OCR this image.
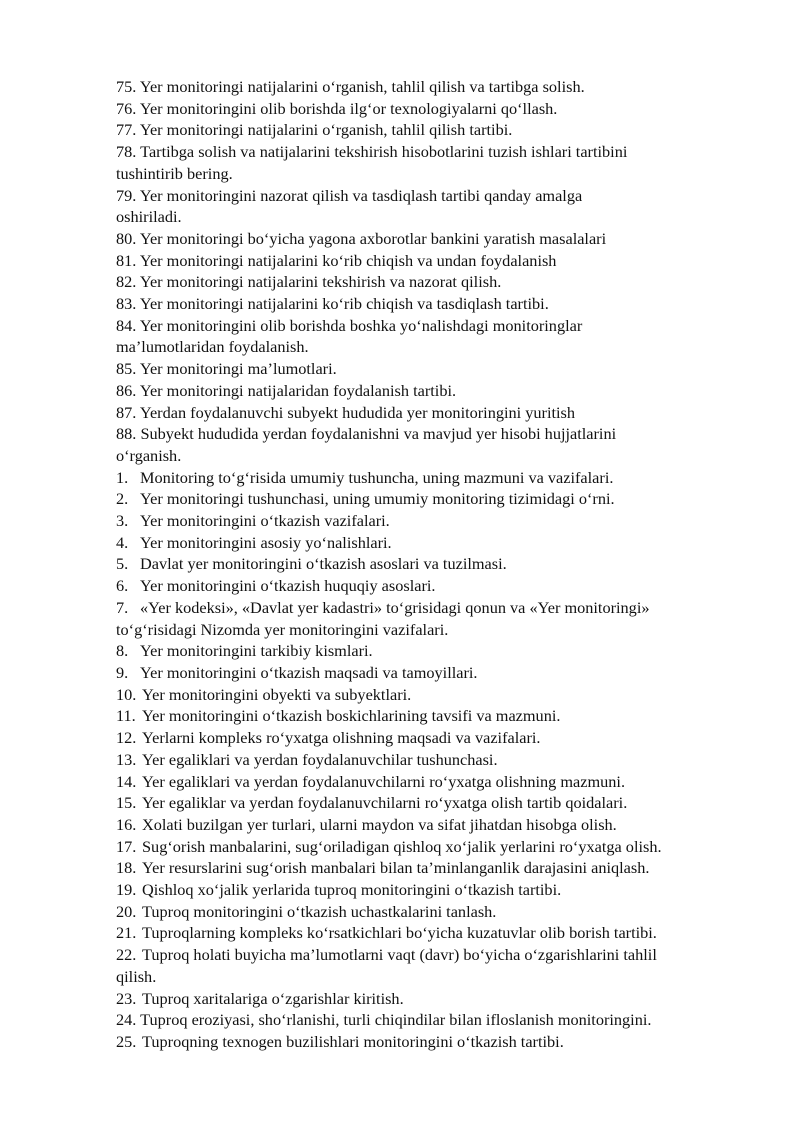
75. Yer monitoringi natijalarini o‘rganish, tahlil qilish va tartibga solish.
76. Yer monitoringini olib borishda ilg‘or texnologiyalarni qo‘llash.
77. Yer monitoringi natijalarini o‘rganish, tahlil qilish tartibi.
78. Tartibga solish va natijalarini tekshirish hisobotlarini tuzish ishlari tartibini
tushintirib bering.
79. Yer monitoringini nazorat qilish va tasdiqlash tartibi qanday amalga
oshiriladi.
80. Yer monitoringi bo‘yicha yagona axborotlar bankini yaratish masalalari
81. Yer monitoringi natijalarini ko‘rib chiqish va undan foydalanish
82. Yer monitoringi natijalarini tekshirish va nazorat qilish.
83. Yer monitoringi natijalarini ko‘rib chiqish va tasdiqlash tartibi.
84. Yer monitoringini olib borishda boshka yo‘nalishdagi monitoringlar
ma’lumotlaridan foydalanish.
85. Yer monitoringi ma’lumotlari.
86. Yer monitoringi natijalaridan foydalanish tartibi.
87. Yerdan foydalanuvchi subyekt hududida yer monitoringini yuritish
88. Subyekt hududida yerdan foydalanishni va mavjud yer hisobi hujjatlarini
o‘rganish.
1. Monitoring to‘g‘risida umumiy tushuncha, uning mazmuni va vazifalari.
2. Yer monitoringi tushunchasi, uning umumiy monitoring tizimidagi o‘rni.
3. Yer monitoringini o‘tkazish vazifalari.
4. Yer monitoringini asosiy yo‘nalishlari.
5. Davlat yer monitoringini o‘tkazish asoslari va tuzilmasi.
6. Yer monitoringini o‘tkazish huquqiy asoslari.
7. «Yer kodeksi», «Davlat yer kadastri» to‘grisidagi qonun va «Yer monitoringi»
to‘g‘risidagi Nizomda yer monitoringini vazifalari.
8. Yer monitoringini tarkibiy kismlari.
9. Yer monitoringini o‘tkazish maqsadi va tamoyillari.
10. Yer monitoringini obyekti va subyektlari.
11. Yer monitoringini o‘tkazish boskichlarining tavsifi va mazmuni.
12. Yerlarni kompleks ro‘yxatga olishning maqsadi va vazifalari.
13. Yer egaliklari va yerdan foydalanuvchilar tushunchasi.
14. Yer egaliklari va yerdan foydalanuvchilarni ro‘yxatga olishning mazmuni.
15. Yer egaliklar va yerdan foydalanuvchilarni ro‘yxatga olish tartib qoidalari.
16. Xolati buzilgan yer turlari, ularni maydon va sifat jihatdan hisobga olish.
17. Sug‘orish manbalarini, sug‘oriladigan qishloq xo‘jalik yerlarini ro‘yxatga olish.
18. Yer resurslarini sug‘orish manbalari bilan ta’minlanganlik darajasini aniqlash.
19. Qishloq xo‘jalik yerlarida tuproq monitoringini o‘tkazish tartibi.
20. Tuproq monitoringini o‘tkazish uchastkalarini tanlash.
21. Tuproqlarning kompleks ko‘rsatkichlari bo‘yicha kuzatuvlar olib borish tartibi.
22. Tuproq holati buyicha ma’lumotlarni vaqt (davr) bo‘yicha o‘zgarishlarini tahlil
qilish.
23. Tuproq xaritalariga o‘zgarishlar kiritish.
24. Tuproq eroziyasi, sho‘rlanishi, turli chiqindilar bilan ifloslanish monitoringini.
25. Tuproqning texnogen buzilishlari monitoringini o‘tkazish tartibi.
